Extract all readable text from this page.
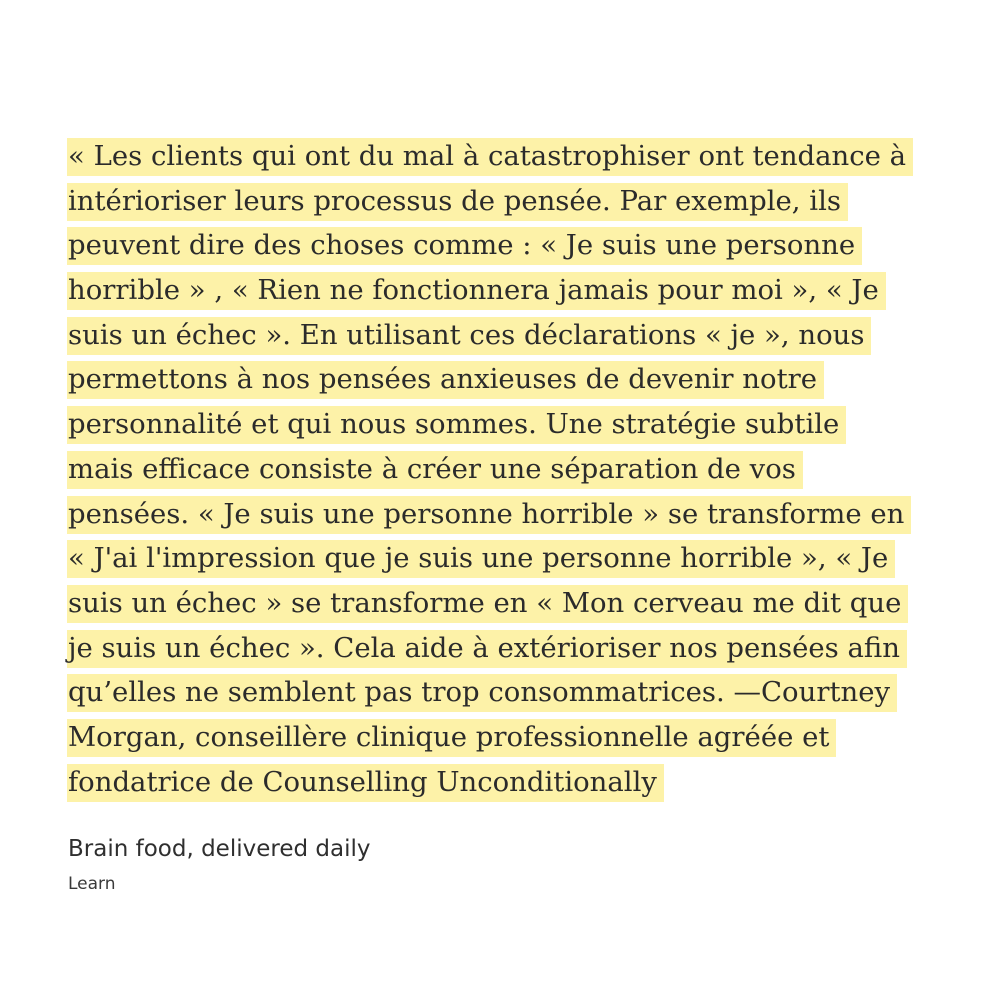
« Les clients qui ont du mal à catastrophiser ont tendance à
intérioriser leurs processus de pensée. Par exemple, ils
peuvent dire des choses comme : « Je suis une personne
horrible » , « Rien ne fonctionnera jamais pour moi », « Je
suis un échec ». En utilisant ces déclarations « je », nous
permettons à nos pensées anxieuses de devenir notre
personnalité et qui nous sommes. Une stratégie subtile
mais efficace consiste à créer une séparation de vos
pensées. « Je suis une personne horrible » se transforme en
« J'ai l'impression que je suis une personne horrible », « Je
suis un échec » se transforme en « Mon cerveau me dit que
je suis un échec ». Cela aide à extérioriser nos pensées afin
qu’elles ne semblent pas trop consommatrices. —Courtney
Morgan, conseillère clinique professionnelle agréée et
fondatrice de Counselling Unconditionally
Brain food, delivered daily
Learn
